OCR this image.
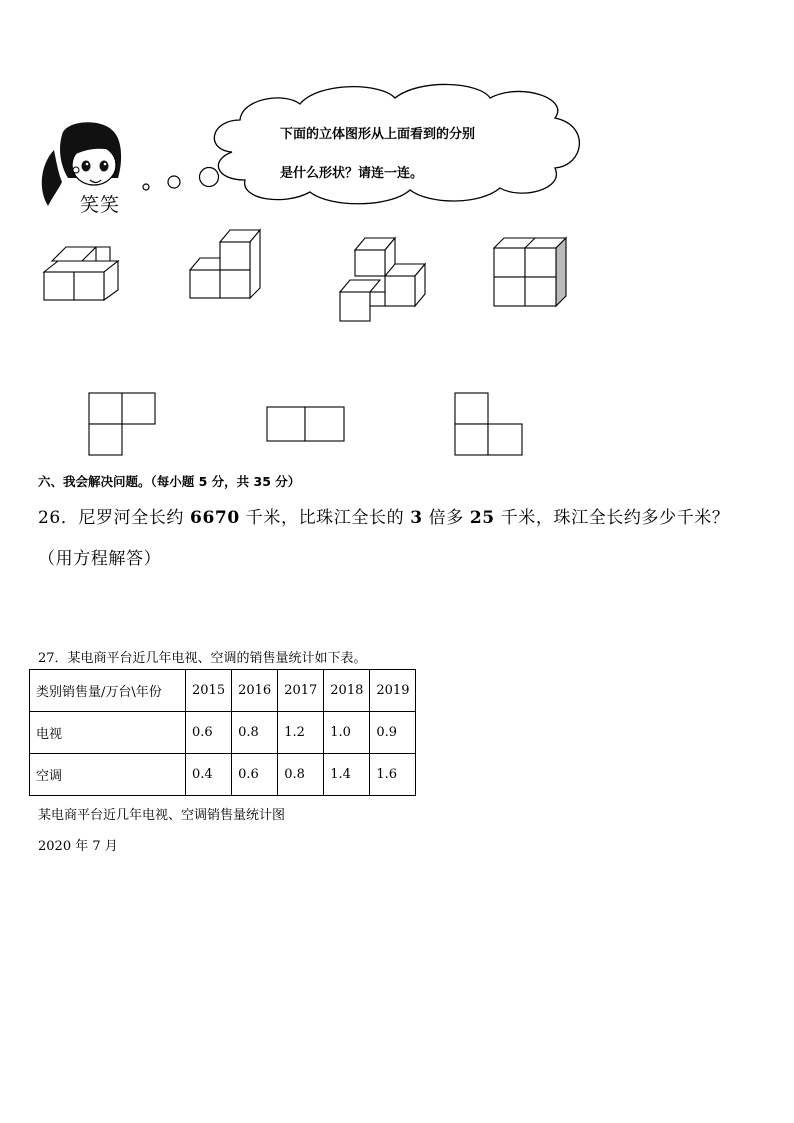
下面的立体图形从上面看到的分别
是什么形状？请连一连。
笑笑
六、我会解决问题。（每小题 5 分，共 35 分）
26．尼罗河全长约 6670 千米，比珠江全长的 3 倍多 25 千米，珠江全长约多少千米？
（用方程解答）
27．某电商平台近几年电视、空调的销售量统计如下表。
类别销售量/万台\年份	2015	2016	2017	2018	2019
电视	0.6	0.8	1.2	1.0	0.9
空调	0.4	0.6	0.8	1.4	1.6
某电商平台近几年电视、空调销售量统计图
2020 年 7 月
